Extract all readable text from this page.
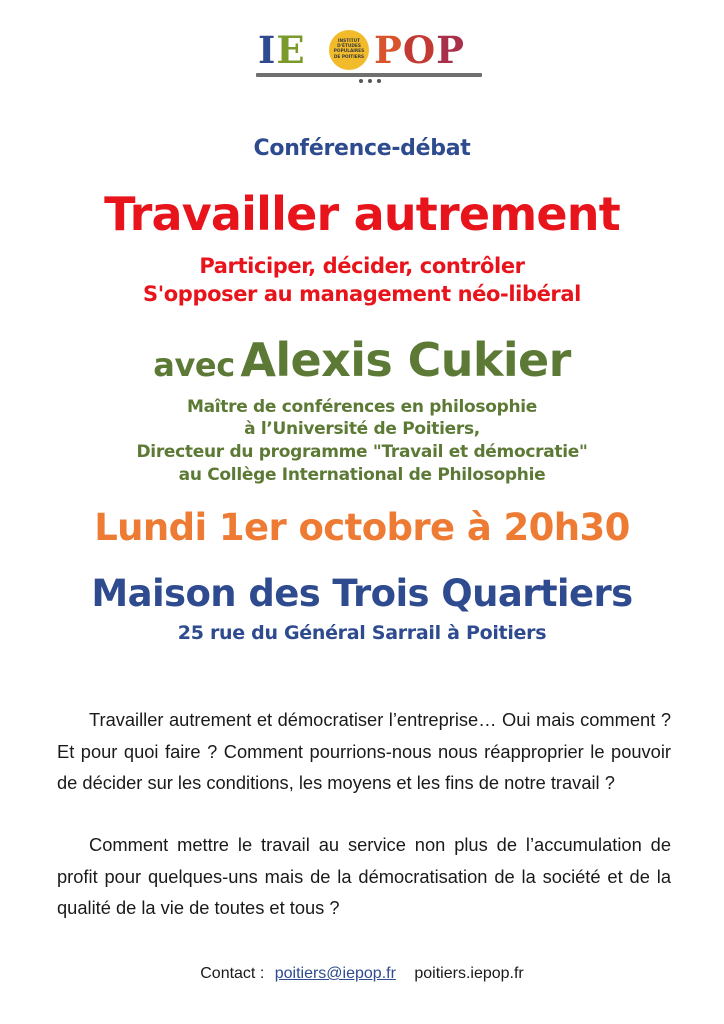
IE	INSTITUT
D'ÉTUDES
POPULAIRES
DE POITIERS POP
Conférence-débat
Travailler autrement
Participer, décider, contrôler
S'opposer au management néo-libéral
avec Alexis Cukier
Maître de conférences en philosophie
à l’Université de Poitiers,
Directeur du programme "Travail et démocratie"
au Collège International de Philosophie
Lundi 1er octobre à 20h30
Maison des Trois Quartiers
25 rue du Général Sarrail à Poitiers

Travailler autrement et démocratiser l’entreprise… Oui mais comment ? Et pour quoi faire ? Comment pourrions-nous nous réapproprier le pouvoir de décider sur les conditions, les moyens et les fins de notre travail ?

Comment mettre le travail au service non plus de l’accumulation de profit pour quelques-uns mais de la démocratisation de la société et de la qualité de la vie de toutes et tous ?

Contact : poitiers@iepop.fr poitiers.iepop.fr
